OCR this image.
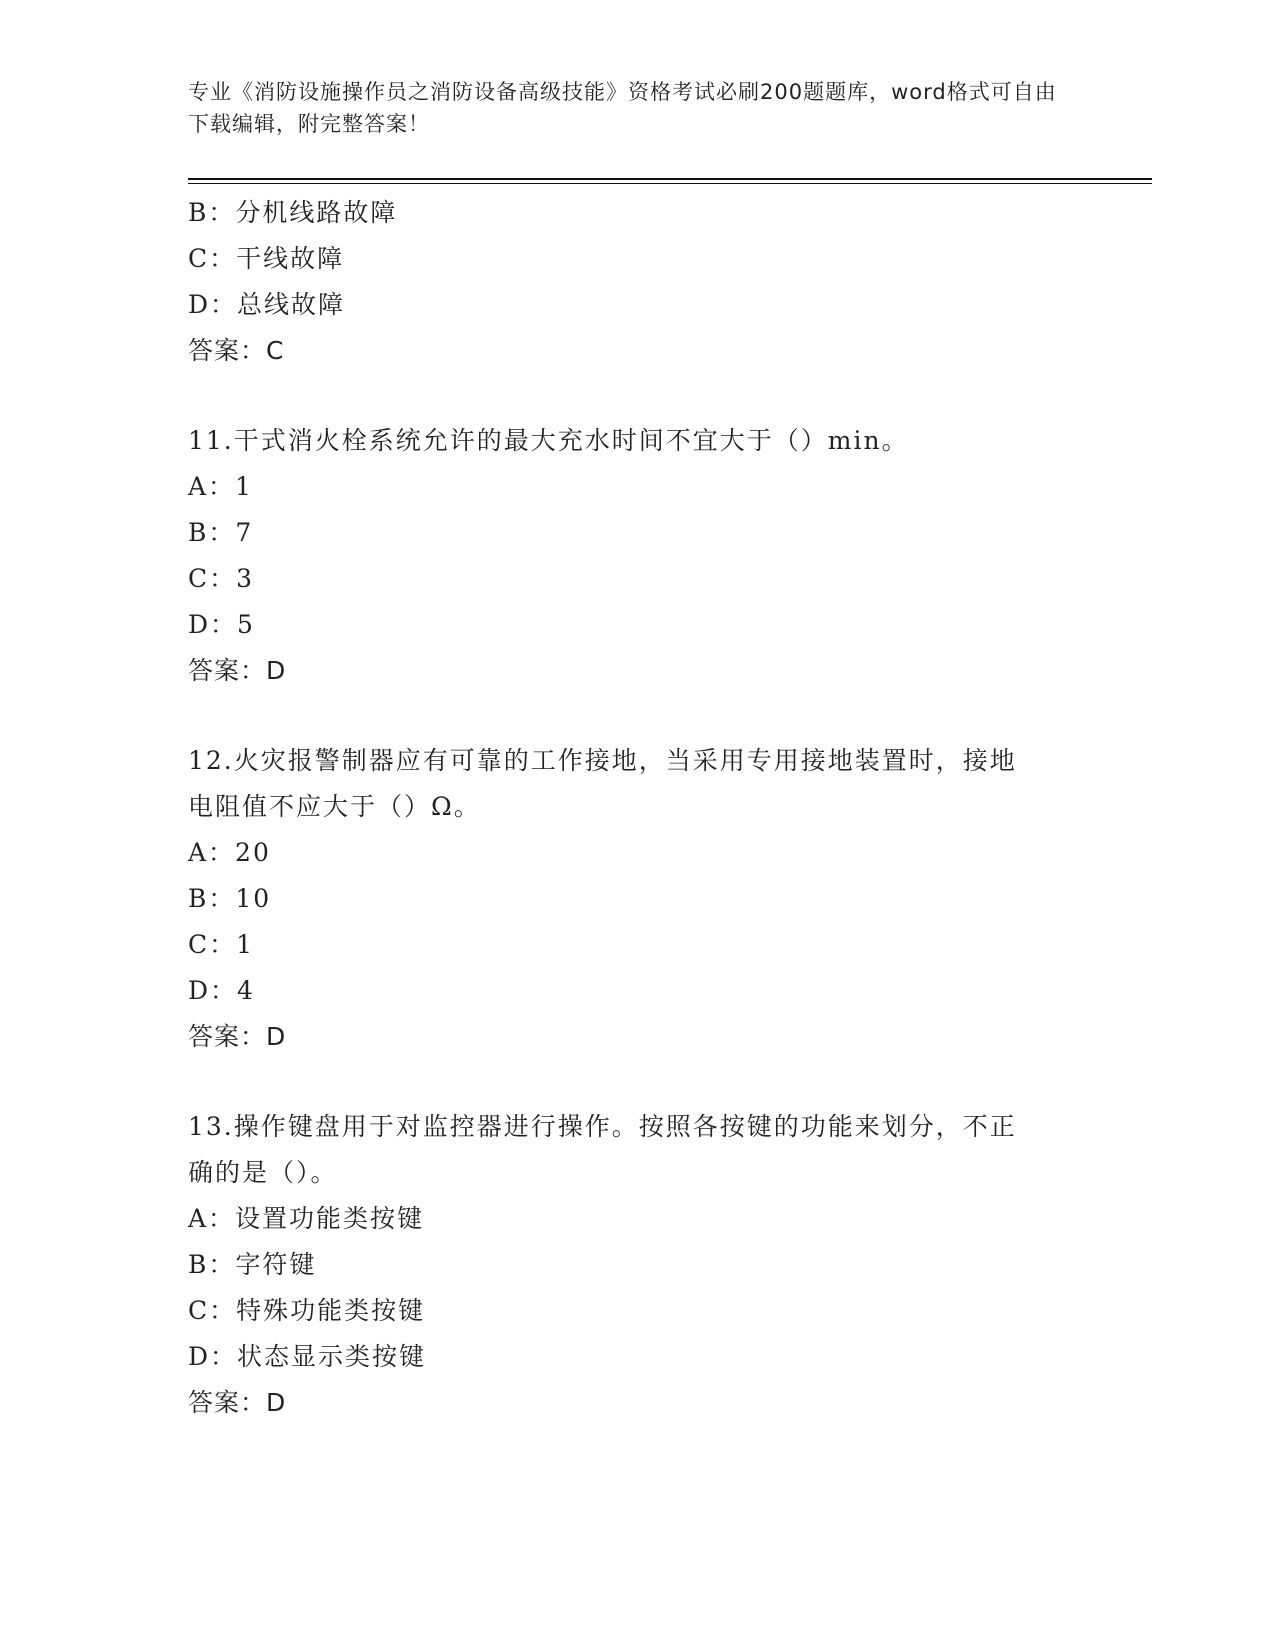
专业《消防设施操作员之消防设备高级技能》资格考试必刷200题题库，word格式可自由下载编辑，附完整答案！
B：分机线路故障
C：干线故障
D：总线故障
答案：C
11.干式消火栓系统允许的最大充水时间不宜大于（）min。
A：1
B：7
C：3
D：5
答案：D
12.火灾报警制器应有可靠的工作接地，当采用专用接地装置时，接地
电阻值不应大于（）Ω。
A：20
B：10
C：1
D：4
答案：D
13.操作键盘用于对监控器进行操作。按照各按键的功能来划分，不正
确的是（）。
A：设置功能类按键
B：字符键
C：特殊功能类按键
D：状态显示类按键
答案：D
